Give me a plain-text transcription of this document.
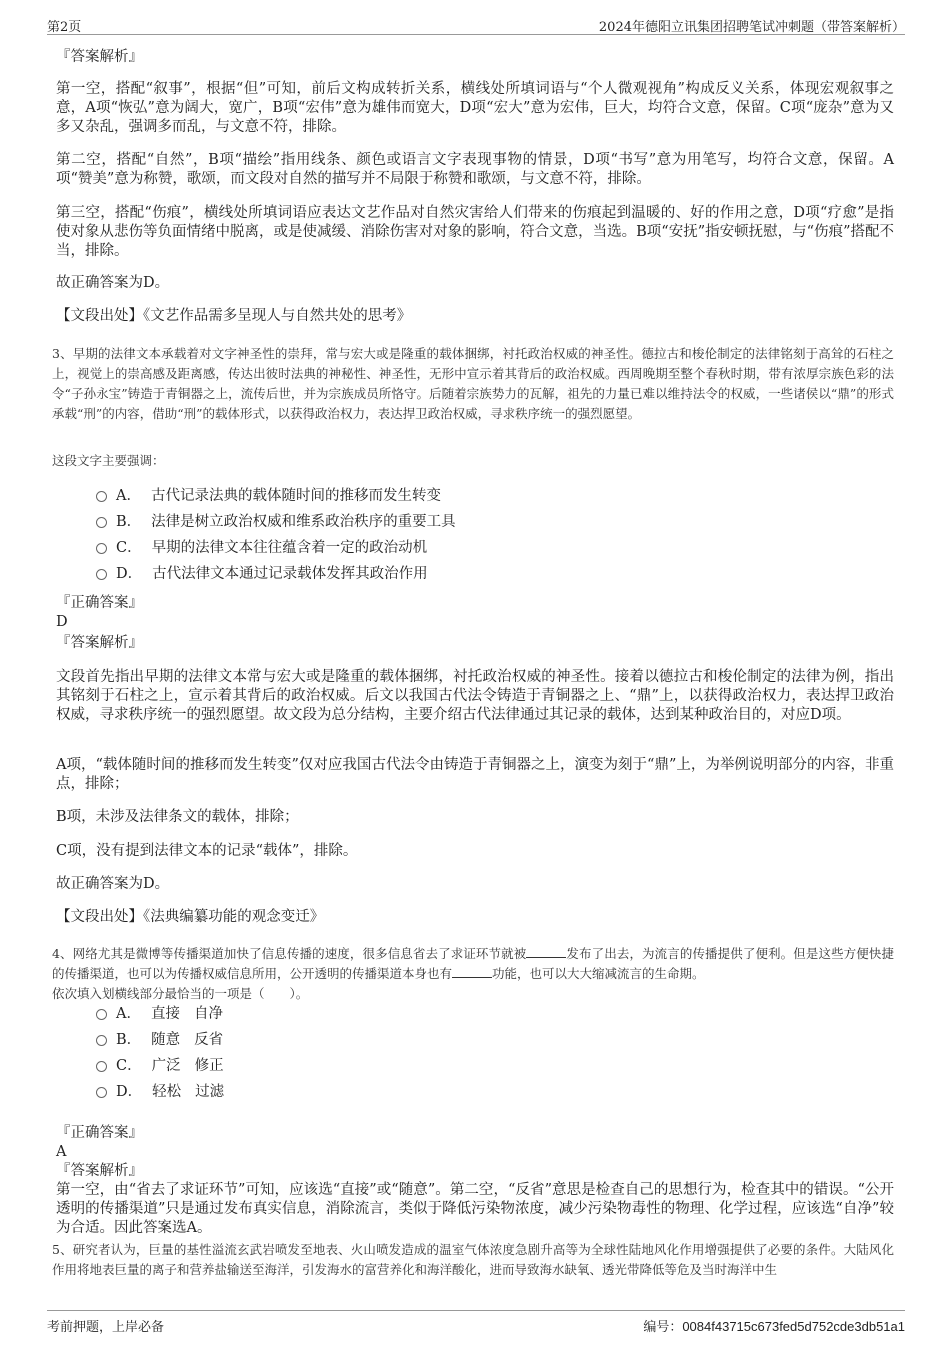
第2页	2024年德阳立讯集团招聘笔试冲刺题（带答案解析）

『答案解析』

第一空，搭配“叙事”，根据“但”可知，前后文构成转折关系，横线处所填词语与“个人微观视角”构成反义关系，体现宏观叙事之意，A项“恢弘”意为阔大，宽广，B项“宏伟”意为雄伟而宽大，D项“宏大”意为宏伟，巨大，均符合文意，保留。C项“庞杂”意为又多又杂乱，强调多而乱，与文意不符，排除。

第二空，搭配“自然”，B项“描绘”指用线条、颜色或语言文字表现事物的情景，D项“书写”意为用笔写，均符合文意，保留。A项“赞美”意为称赞，歌颂，而文段对自然的描写并不局限于称赞和歌颂，与文意不符，排除。

第三空，搭配“伤痕”，横线处所填词语应表达文艺作品对自然灾害给人们带来的伤痕起到温暖的、好的作用之意，D项“疗愈”是指使对象从悲伤等负面情绪中脱离，或是使减缓、消除伤害对对象的影响，符合文意，当选。B项“安抚”指安顿抚慰，与“伤痕”搭配不当，排除。

故正确答案为D。

【文段出处】《文艺作品需多呈现人与自然共处的思考》

3、早期的法律文本承载着对文字神圣性的崇拜，常与宏大或是隆重的载体捆绑，衬托政治权威的神圣性。德拉古和梭伦制定的法律铭刻于高耸的石柱之上，视觉上的崇高感及距离感，传达出彼时法典的神秘性、神圣性，无形中宣示着其背后的政治权威。西周晚期至整个春秋时期，带有浓厚宗族色彩的法令“子孙永宝”铸造于青铜器之上，流传后世，并为宗族成员所恪守。后随着宗族势力的瓦解，祖先的力量已难以维持法令的权威，一些诸侯以“鼎”的形式承载“刑”的内容，借助“刑”的载体形式，以获得政治权力，表达捍卫政治权威，寻求秩序统一的强烈愿望。

这段文字主要强调：

A． 古代记录法典的载体随时间的推移而发生转变
B． 法律是树立政治权威和维系政治秩序的重要工具
C． 早期的法律文本往往蕴含着一定的政治动机
D． 古代法律文本通过记录载体发挥其政治作用

『正确答案』

D

『答案解析』

文段首先指出早期的法律文本常与宏大或是隆重的载体捆绑，衬托政治权威的神圣性。接着以德拉古和梭伦制定的法律为例，指出其铭刻于石柱之上，宣示着其背后的政治权威。后文以我国古代法令铸造于青铜器之上、“鼎”上，以获得政治权力，表达捍卫政治权威，寻求秩序统一的强烈愿望。故文段为总分结构，主要介绍古代法律通过其记录的载体，达到某种政治目的，对应D项。

A项，“载体随时间的推移而发生转变”仅对应我国古代法令由铸造于青铜器之上，演变为刻于“鼎”上，为举例说明部分的内容，非重点，排除；

B项，未涉及法律条文的载体，排除；

C项，没有提到法律文本的记录“载体”，排除。

故正确答案为D。

【文段出处】《法典编纂功能的观念变迁》

4、网络尤其是微博等传播渠道加快了信息传播的速度，很多信息省去了求证环节就被	发布了出去，为流言的传播提供了便利。但是这些方便快捷的传播渠道，也可以为传播权威信息所用，公开透明的传播渠道本身也有	功能，也可以大大缩减流言的生命期。

依次填入划横线部分最恰当的一项是（　　）。

A． 直接 自净
B． 随意 反省
C． 广泛 修正
D． 轻松 过滤

『正确答案』

A

『答案解析』

第一空，由“省去了求证环节”可知，应该选“直接”或“随意”。第二空，“反省”意思是检查自己的思想行为，检查其中的错误。“公开透明的传播渠道”只是通过发布真实信息，消除流言，类似于降低污染物浓度，减少污染物毒性的物理、化学过程，应该选“自净”较为合适。因此答案选A。

5、研究者认为，巨量的基性溢流玄武岩喷发至地表、火山喷发造成的温室气体浓度急剧升高等为全球性陆地风化作用增强提供了必要的条件。大陆风化作用将地表巨量的离子和营养盐输送至海洋，引发海水的富营养化和海洋酸化，进而导致海水缺氧、透光带降低等危及当时海洋中生

考前押题，上岸必备	编号：0084f43715c673fed5d752cde3db51a1
